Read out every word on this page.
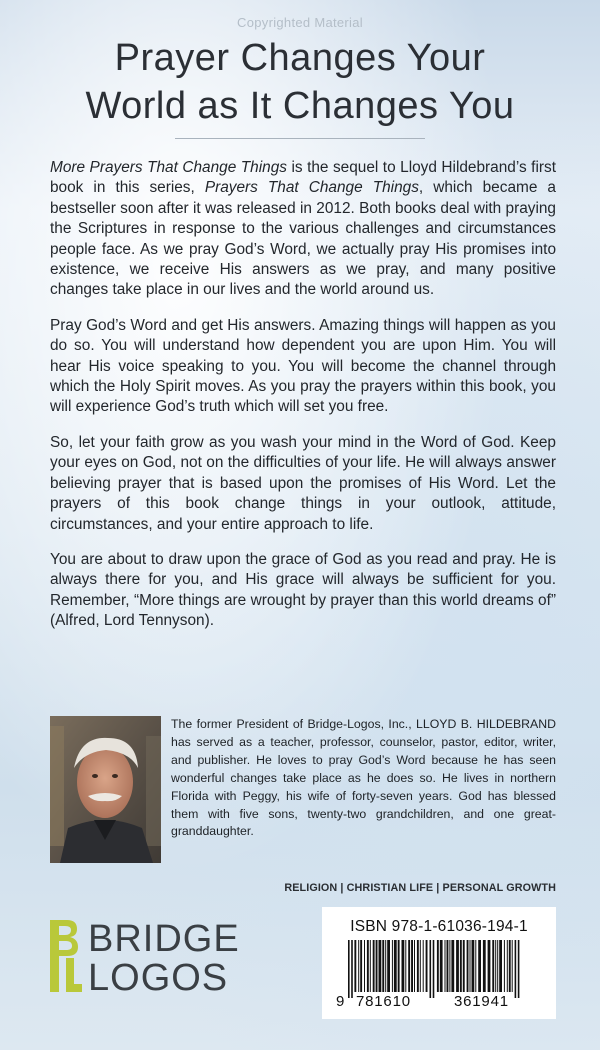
Copyrighted Material
Prayer Changes Your
World as It Changes You

More Prayers That Change Things is the sequel to Lloyd Hildebrand’s first book in this series, Prayers That Change Things, which became a bestseller soon after it was released in 2012. Both books deal with praying the Scriptures in response to the various challenges and circumstances people face. As we pray God’s Word, we actually pray His promises into existence, we receive His answers as we pray, and many positive changes take place in our lives and the world around us.

Pray God’s Word and get His answers. Amazing things will happen as you do so. You will understand how dependent you are upon Him. You will hear His voice speaking to you. You will become the channel through which the Holy Spirit moves. As you pray the prayers within this book, you will experience God’s truth which will set you free.

So, let your faith grow as you wash your mind in the Word of God. Keep your eyes on God, not on the difficulties of your life. He will always answer believing prayer that is based upon the promises of His Word. Let the prayers of this book change things in your outlook, attitude, circumstances, and your entire approach to life.

You are about to draw upon the grace of God as you read and pray. He is always there for you, and His grace will always be sufficient for you. Remember, “More things are wrought by prayer than this world dreams of” (Alfred, Lord Tennyson).

The former President of Bridge-Logos, Inc., LLOYD B. HILDEBRAND has served as a teacher, professor, counselor, pastor, editor, writer, and publisher. He loves to pray God’s Word because he has seen wonderful changes take place as he does so. He lives in northern Florida with Peggy, his wife of forty-seven years. God has blessed them with five sons, twenty-two grandchildren, and one great-granddaughter.
RELIGION | CHRISTIAN LIFE | PERSONAL GROWTH
BRIDGE
LOGOS
ISBN 978-1-61036-194-1
9 781610	361941
